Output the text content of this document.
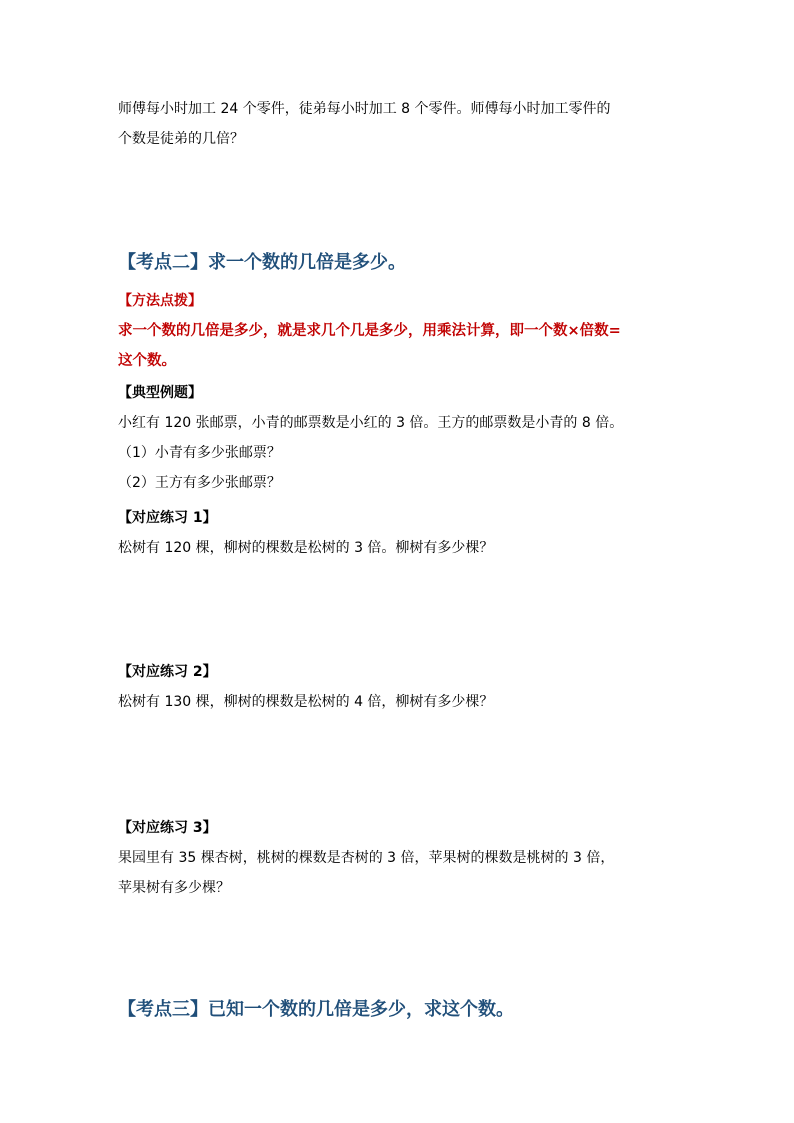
师傅每小时加工 24 个零件，徒弟每小时加工 8 个零件。师傅每小时加工零件的

个数是徒弟的几倍？

【考点二】求一个数的几倍是多少。

【方法点拨】

求一个数的几倍是多少，就是求几个几是多少，用乘法计算，即一个数×倍数=

这个数。

【典型例题】

小红有 120 张邮票，小青的邮票数是小红的 3 倍。王方的邮票数是小青的 8 倍。

（1）小青有多少张邮票？

（2）王方有多少张邮票？

【对应练习 1】

松树有 120 棵，柳树的棵数是松树的 3 倍。柳树有多少棵？

【对应练习 2】

松树有 130 棵，柳树的棵数是松树的 4 倍，柳树有多少棵？

【对应练习 3】

果园里有 35 棵杏树，桃树的棵数是杏树的 3 倍，苹果树的棵数是桃树的 3 倍，

苹果树有多少棵？

【考点三】已知一个数的几倍是多少，求这个数。
